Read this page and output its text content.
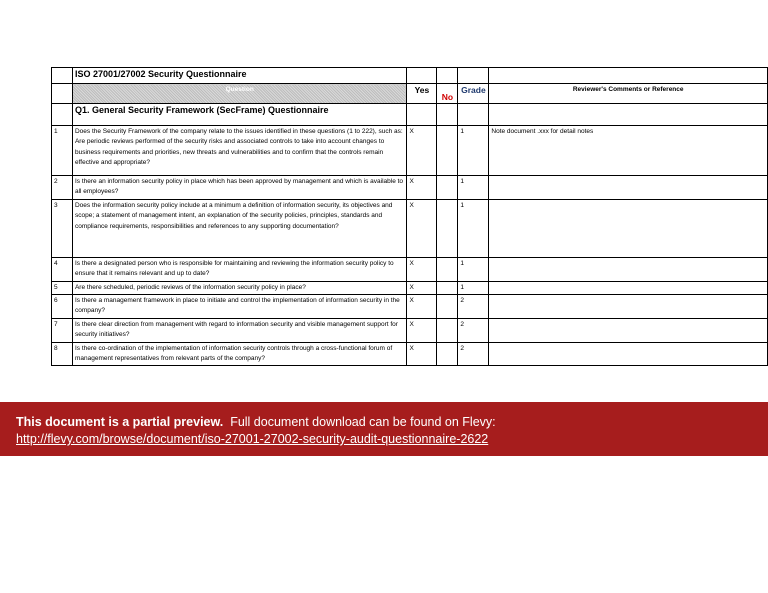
	ISO 27001/27002 Security Questionnaire				
	Question	Yes	No	Grade	Reviewer's Comments or Reference
	Q1. General Security Framework (SecFrame) Questionnaire				
1	Does the Security Framework of the company relate to the issues identified in these questions (1 to 222), such as: Are periodic reviews performed of the security risks and associated controls to take into account changes to business requirements and priorities, new threats and vulnerabilities and to confirm that the controls remain effective and appropriate?	X		1	Note document .xxx for detail notes
2	Is there an information security policy in place which has been approved by management and which is available to all employees?	X		1	
3	Does the information security policy include at a minimum a definition of information security, its objectives and scope; a statement of management intent, an explanation of the security policies, principles, standards and compliance requirements, responsibilities and references to any supporting documentation?	X		1	
4	Is there a designated person who is responsible for maintaining and reviewing the information security policy to ensure that it remains relevant and up to date?	X		1	
5	Are there scheduled, periodic reviews of the information security policy in place?	X		1	
6	Is there a management framework in place to initiate and control the implementation of information security in the company?	X		2	
7	Is there clear direction from management with regard to information security and visible management support for security initiatives?	X		2	
8	Is there co-ordination of the implementation of information security controls through a cross-functional forum of management representatives from relevant parts of the company?	X		2	
This document is a partial preview. Full document download can be found on Flevy:
http://flevy.com/browse/document/iso-27001-27002-security-audit-questionnaire-2622
